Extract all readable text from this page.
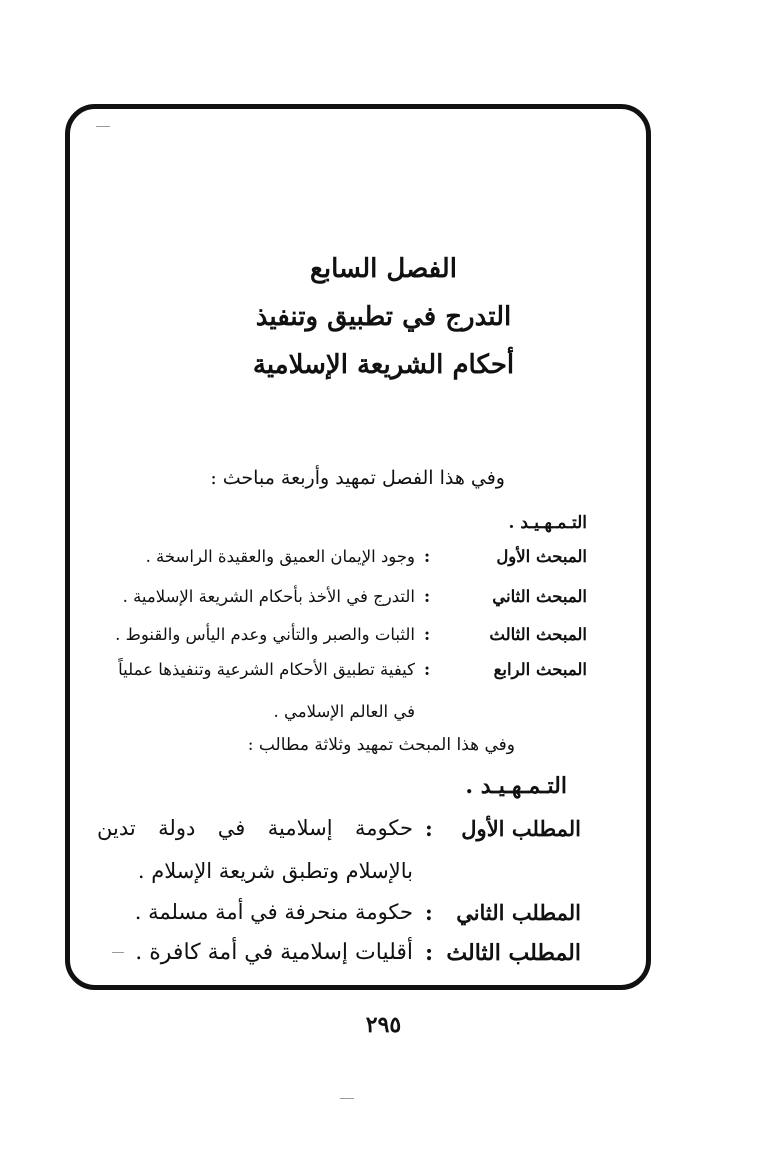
الفصل السابع
التدرج في تطبيق وتنفيذ
أحكام الشريعة الإسلامية
وفي هذا الفصل تمهيد وأربعة مباحث :
التـمـهـيـد .
المبحث الأول
:
وجود الإيمان العميق والعقيدة الراسخة .
المبحث الثاني
:
التدرج في الأخذ بأحكام الشريعة الإسلامية .
المبحث الثالث
:
الثبات والصبر والتأني وعدم اليأس والقنوط .
المبحث الرابع
:
كيفية تطبيق الأحكام الشرعية وتنفيذها عملياً
في العالم الإسلامي .
وفي هذا المبحث تمهيد وثلاثة مطالب :
التـمـهـيـد .
المطلب الأول
:
حكومة إسلامية في دولة تدين
بالإسلام وتطبق شريعة الإسلام .
المطلب الثاني
:
حكومة منحرفة في أمة مسلمة .
المطلب الثالث
:
أقليات إسلامية في أمة كافرة .
٢٩٥
